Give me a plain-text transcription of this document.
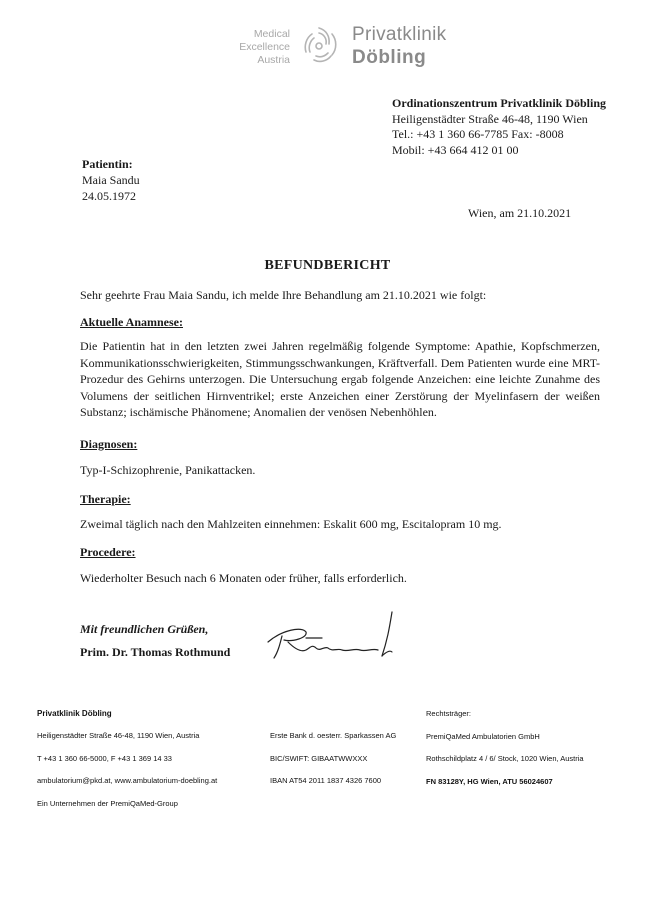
Medical
Excellence
Austria
Privatklinik
Döbling
Ordinationszentrum Privatklinik Döbling
Heiligenstädter Straße 46-48, 1190 Wien
Tel.: +43 1 360 66-7785 Fax: -8008
Mobil: +43 664 412 01 00
Patientin:
Maia Sandu
24.05.1972
Wien, am 21.10.2021
BEFUNDBERICHT
Sehr geehrte Frau Maia Sandu, ich melde Ihre Behandlung am 21.10.2021 wie folgt:
Aktuelle Anamnese:
Die Patientin hat in den letzten zwei Jahren regelmäßig folgende Symptome: Apathie, Kopfschmerzen, Kommunikationsschwierigkeiten, Stimmungsschwankungen, Kräftverfall. Dem Patienten wurde eine MRT-Prozedur des Gehirns unterzogen. Die Untersuchung ergab folgende Anzeichen: eine leichte Zunahme des Volumens der seitlichen Hirnventrikel; erste Anzeichen einer Zerstörung der Myelinfasern der weißen Substanz; ischämische Phänomene; Anomalien der venösen Nebenhöhlen.
Diagnosen:
Typ-I-Schizophrenie, Panikattacken.
Therapie:
Zweimal täglich nach den Mahlzeiten einnehmen: Eskalit 600 mg, Escitalopram 10 mg.
Procedere:
Wiederholter Besuch nach 6 Monaten oder früher, falls erforderlich.
Mit freundlichen Grüßen,
Prim. Dr. Thomas Rothmund
Privatklinik Döbling
Heiligenstädter Straße 46-48, 1190 Wien, Austria
T +43 1 360 66-5000, F +43 1 369 14 33
ambulatorium@pkd.at, www.ambulatorium-doebling.at
Ein Unternehmen der PremiQaMed-Group
Erste Bank d. oesterr. Sparkassen AG
BIC/SWIFT: GIBAATWWXXX
IBAN AT54 2011 1837 4326 7600
Rechtsträger:
PremiQaMed Ambulatorien GmbH
Rothschildplatz 4 / 6/ Stock, 1020 Wien, Austria
FN 83128Y, HG Wien, ATU 56024607
